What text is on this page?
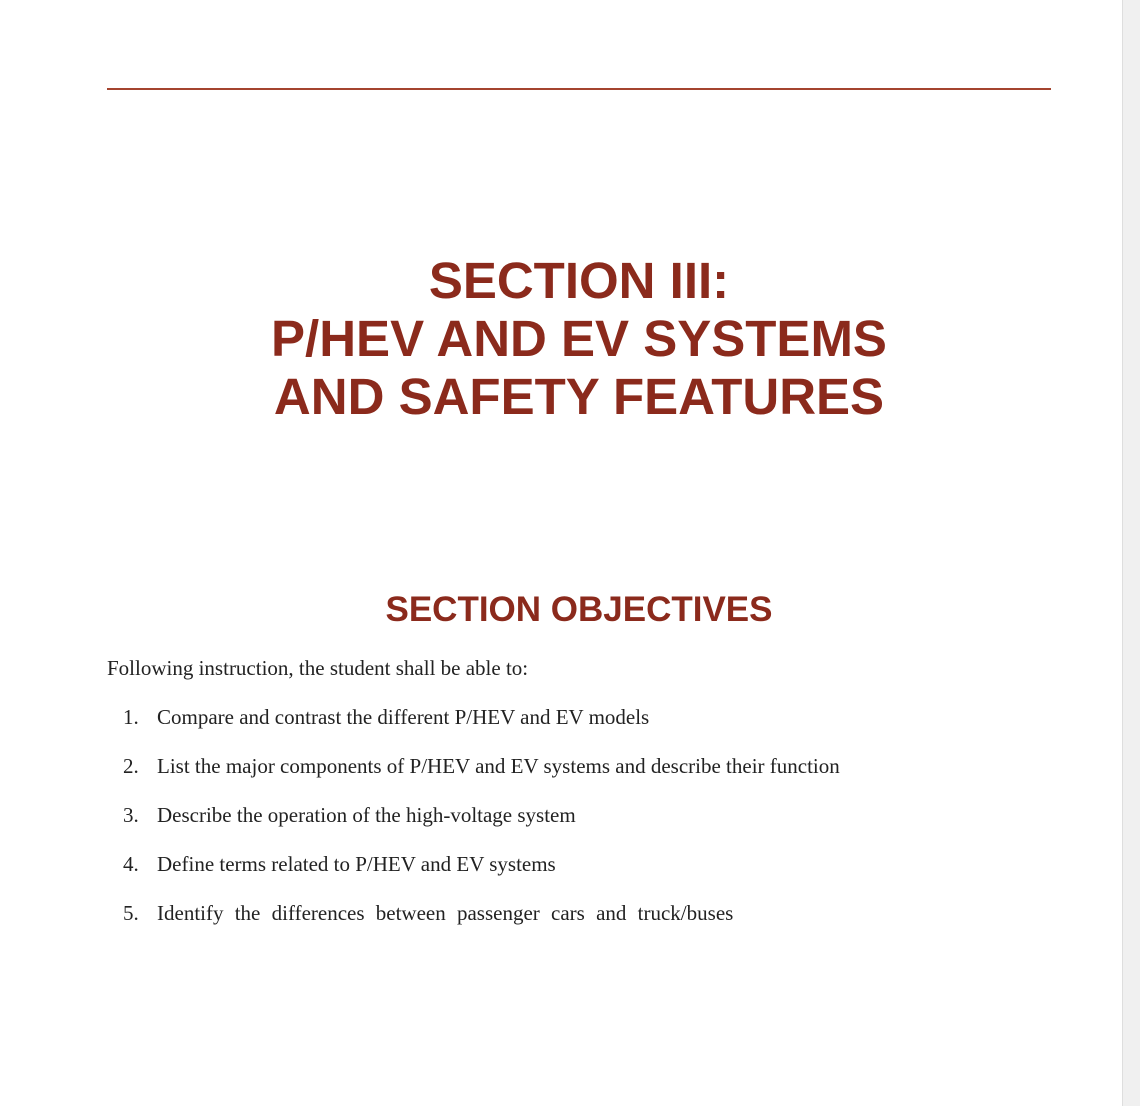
SECTION III:
P/HEV AND EV SYSTEMS
AND SAFETY FEATURES
SECTION OBJECTIVES

Following instruction, the student shall be able to:

1. Compare and contrast the different P/HEV and EV models
2. List the major components of P/HEV and EV systems and describe their function
3. Describe the operation of the high-voltage system
4. Define terms related to P/HEV and EV systems
5. Identify the differences between passenger cars and truck/buses
